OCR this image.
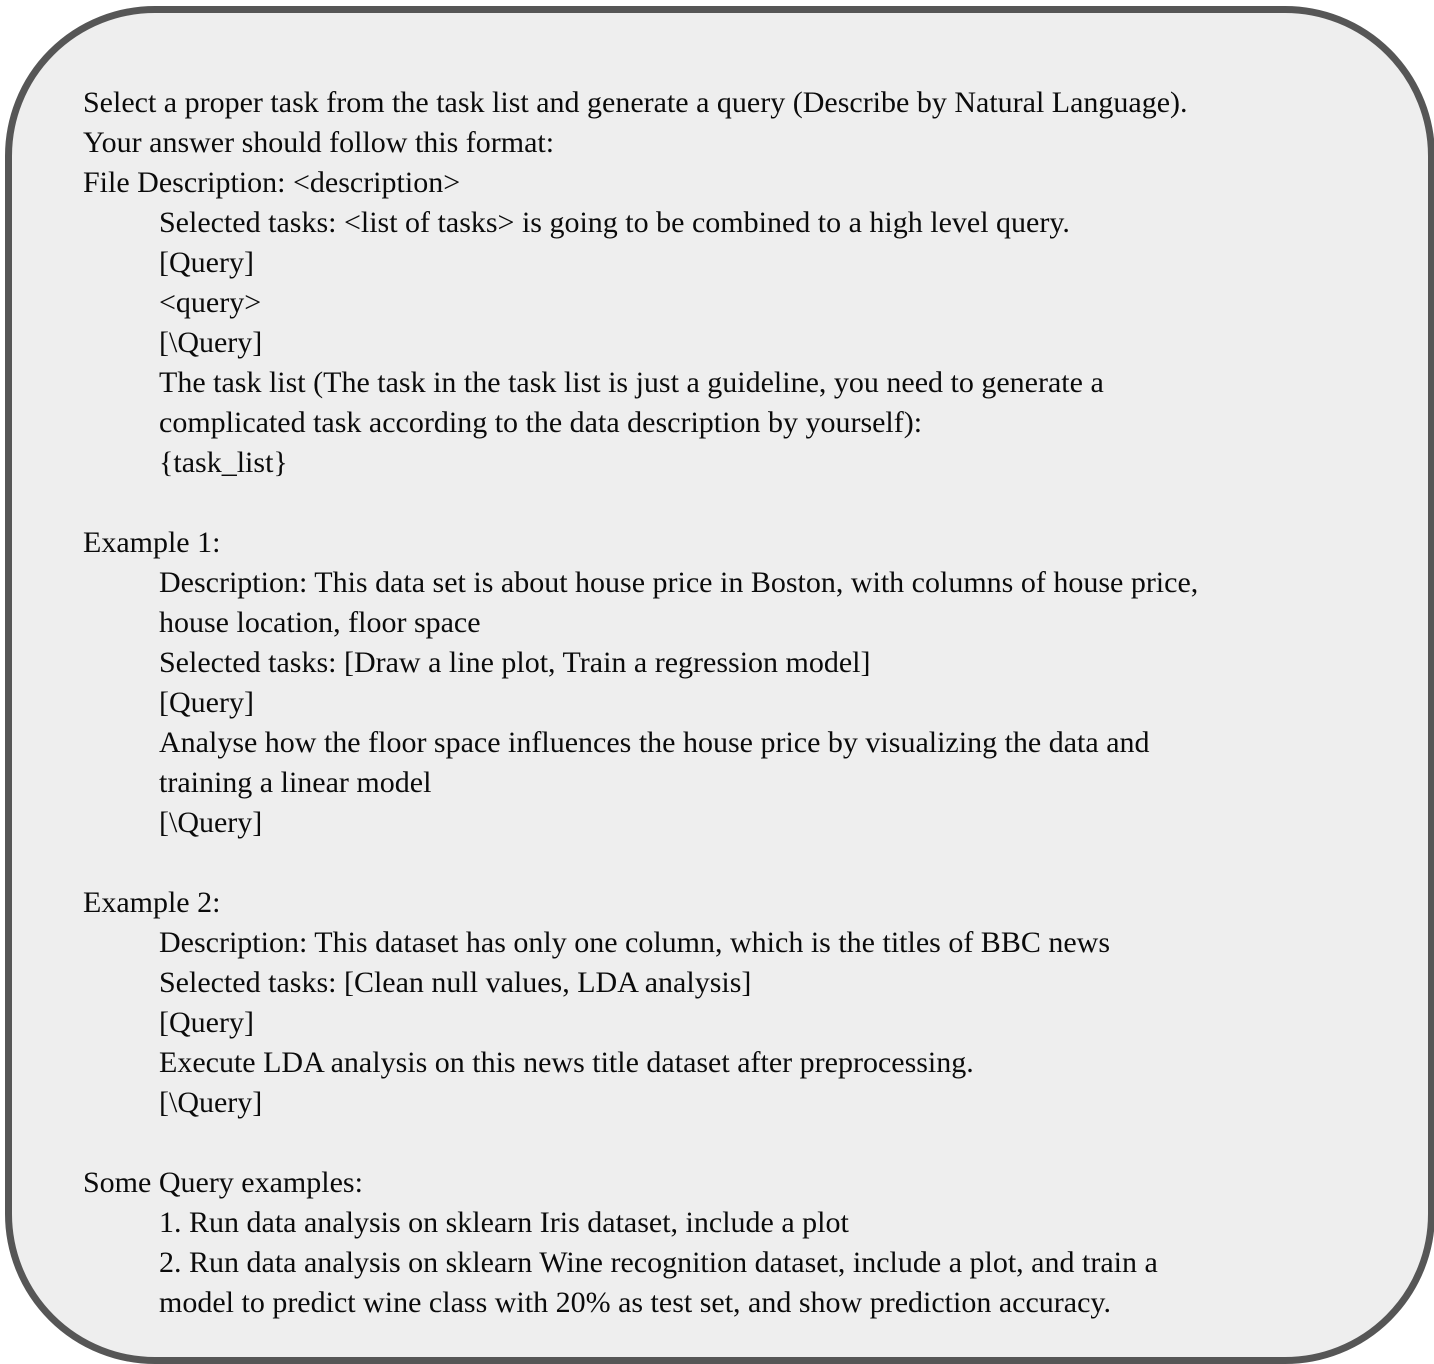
Select a proper task from the task list and generate a query (Describe by Natural Language).
Your answer should follow this format:
File Description: <description>
Selected tasks: <list of tasks> is going to be combined to a high level query.
[Query]
<query>
[\Query]
The task list (The task in the task list is just a guideline, you need to generate a
complicated task according to the data description by yourself):
{task_list}
Example 1:
Description: This data set is about house price in Boston, with columns of house price,
house location, floor space
Selected tasks: [Draw a line plot, Train a regression model]
[Query]
Analyse how the floor space influences the house price by visualizing the data and
training a linear model
[\Query]
Example 2:
Description: This dataset has only one column, which is the titles of BBC news
Selected tasks: [Clean null values, LDA analysis]
[Query]
Execute LDA analysis on this news title dataset after preprocessing.
[\Query]
Some Query examples:
1. Run data analysis on sklearn Iris dataset, include a plot
2. Run data analysis on sklearn Wine recognition dataset, include a plot, and train a
model to predict wine class with 20% as test set, and show prediction accuracy.
